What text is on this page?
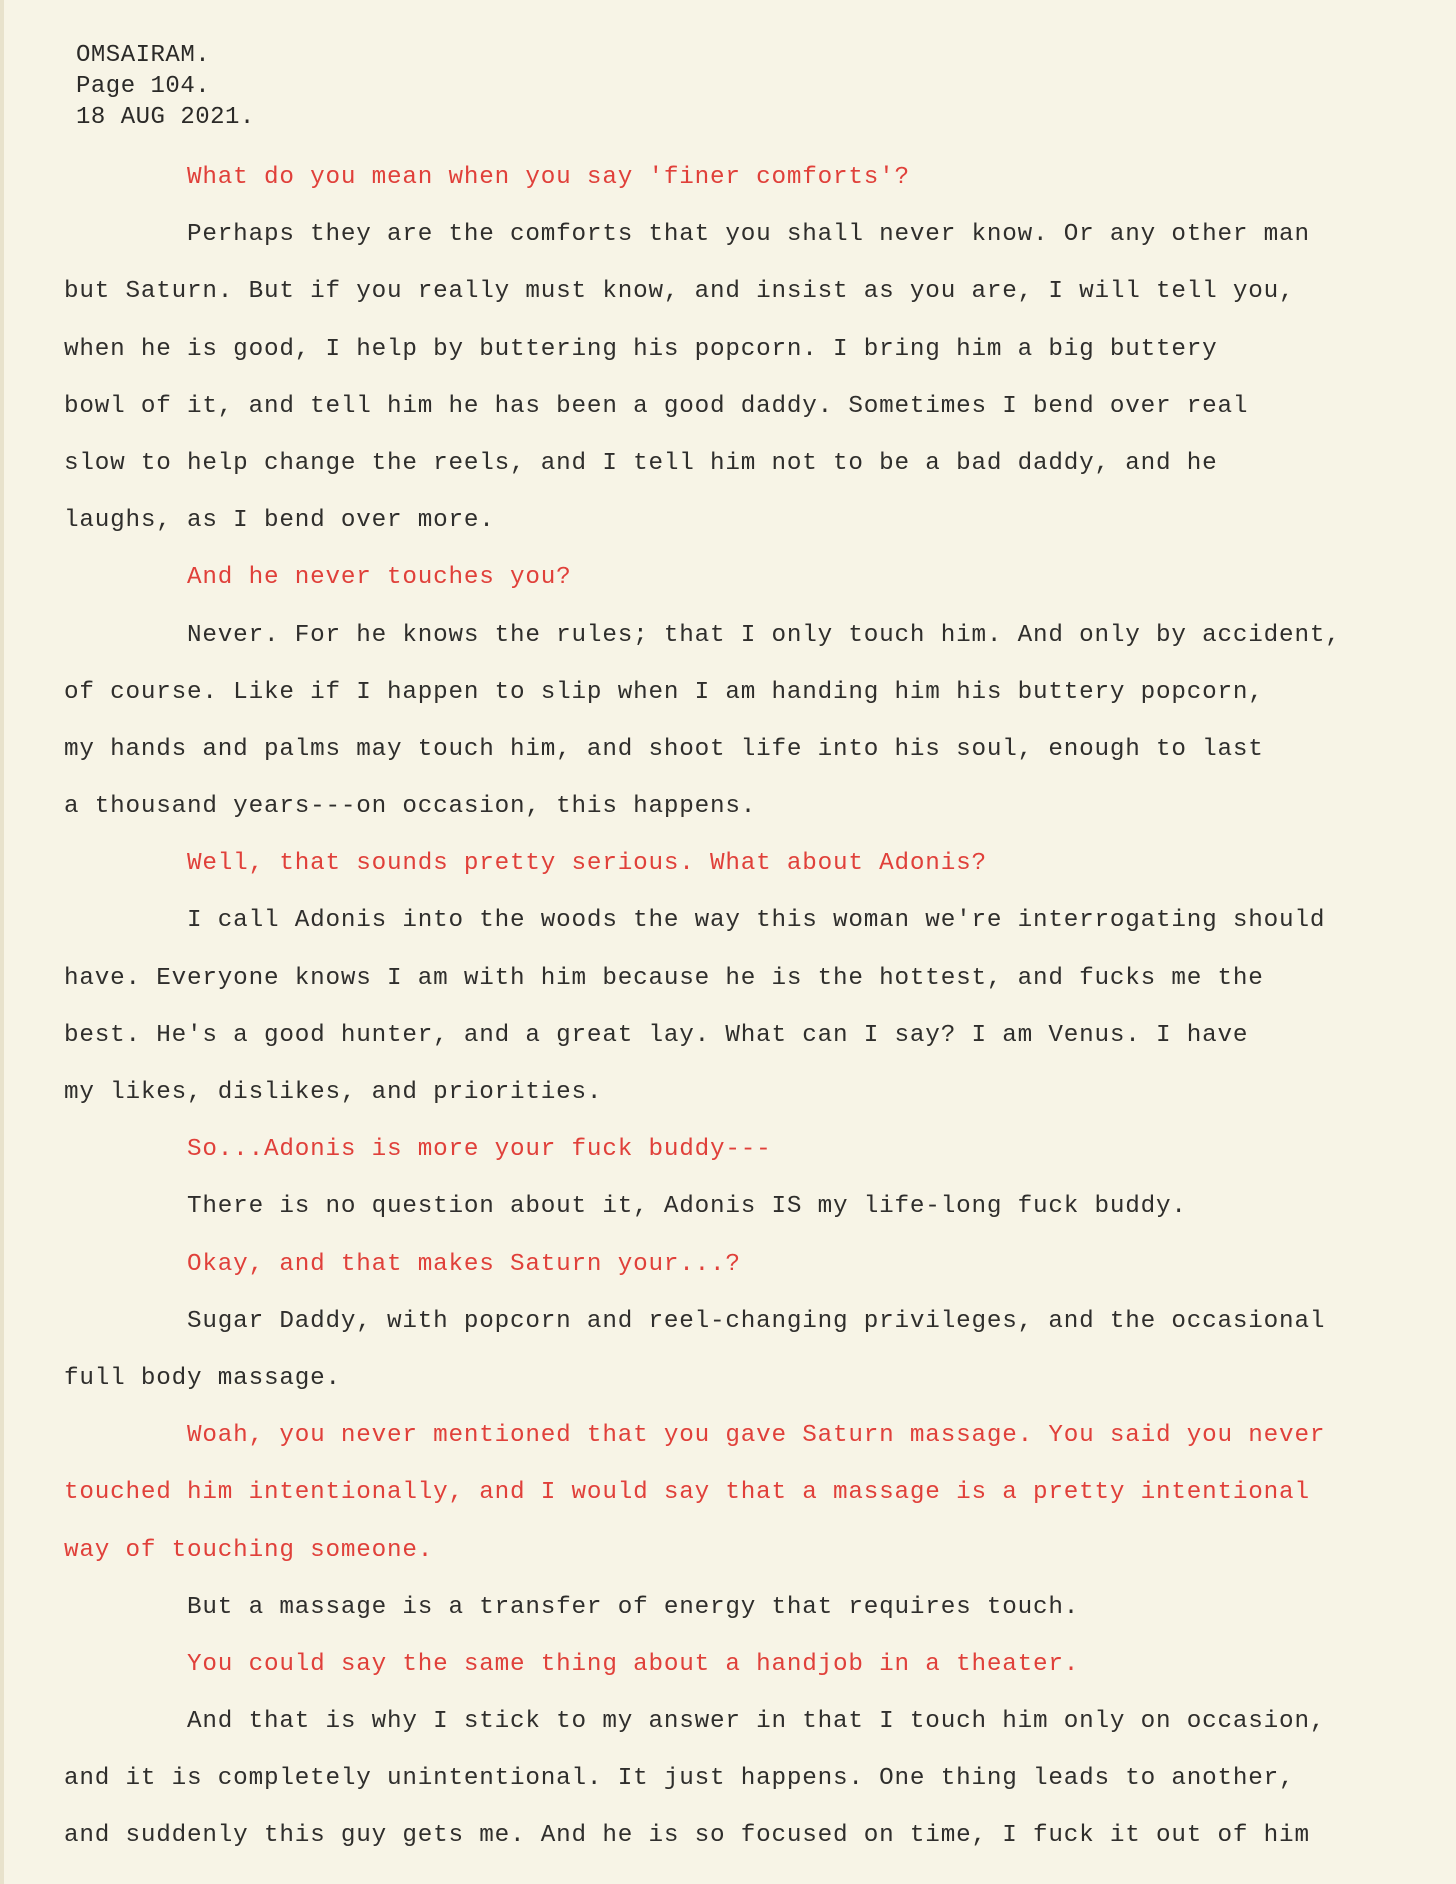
OMSAIRAM.
Page 104.
18 AUG 2021.
What do you mean when you say 'finer comforts'?
Perhaps they are the comforts that you shall never know. Or any other man
but Saturn. But if you really must know, and insist as you are, I will tell you,
when he is good, I help by buttering his popcorn. I bring him a big buttery
bowl of it, and tell him he has been a good daddy. Sometimes I bend over real
slow to help change the reels, and I tell him not to be a bad daddy, and he
laughs, as I bend over more.
And he never touches you?
Never. For he knows the rules; that I only touch him. And only by accident,
of course. Like if I happen to slip when I am handing him his buttery popcorn,
my hands and palms may touch him, and shoot life into his soul, enough to last
a thousand years---on occasion, this happens.
Well, that sounds pretty serious. What about Adonis?
I call Adonis into the woods the way this woman we're interrogating should
have. Everyone knows I am with him because he is the hottest, and fucks me the
best. He's a good hunter, and a great lay. What can I say? I am Venus. I have
my likes, dislikes, and priorities.
So...Adonis is more your fuck buddy---
There is no question about it, Adonis IS my life-long fuck buddy.
Okay, and that makes Saturn your...?
Sugar Daddy, with popcorn and reel-changing privileges, and the occasional
full body massage.
Woah, you never mentioned that you gave Saturn massage. You said you never
touched him intentionally, and I would say that a massage is a pretty intentional
way of touching someone.
But a massage is a transfer of energy that requires touch.
You could say the same thing about a handjob in a theater.
And that is why I stick to my answer in that I touch him only on occasion,
and it is completely unintentional. It just happens. One thing leads to another,
and suddenly this guy gets me. And he is so focused on time, I fuck it out of him
